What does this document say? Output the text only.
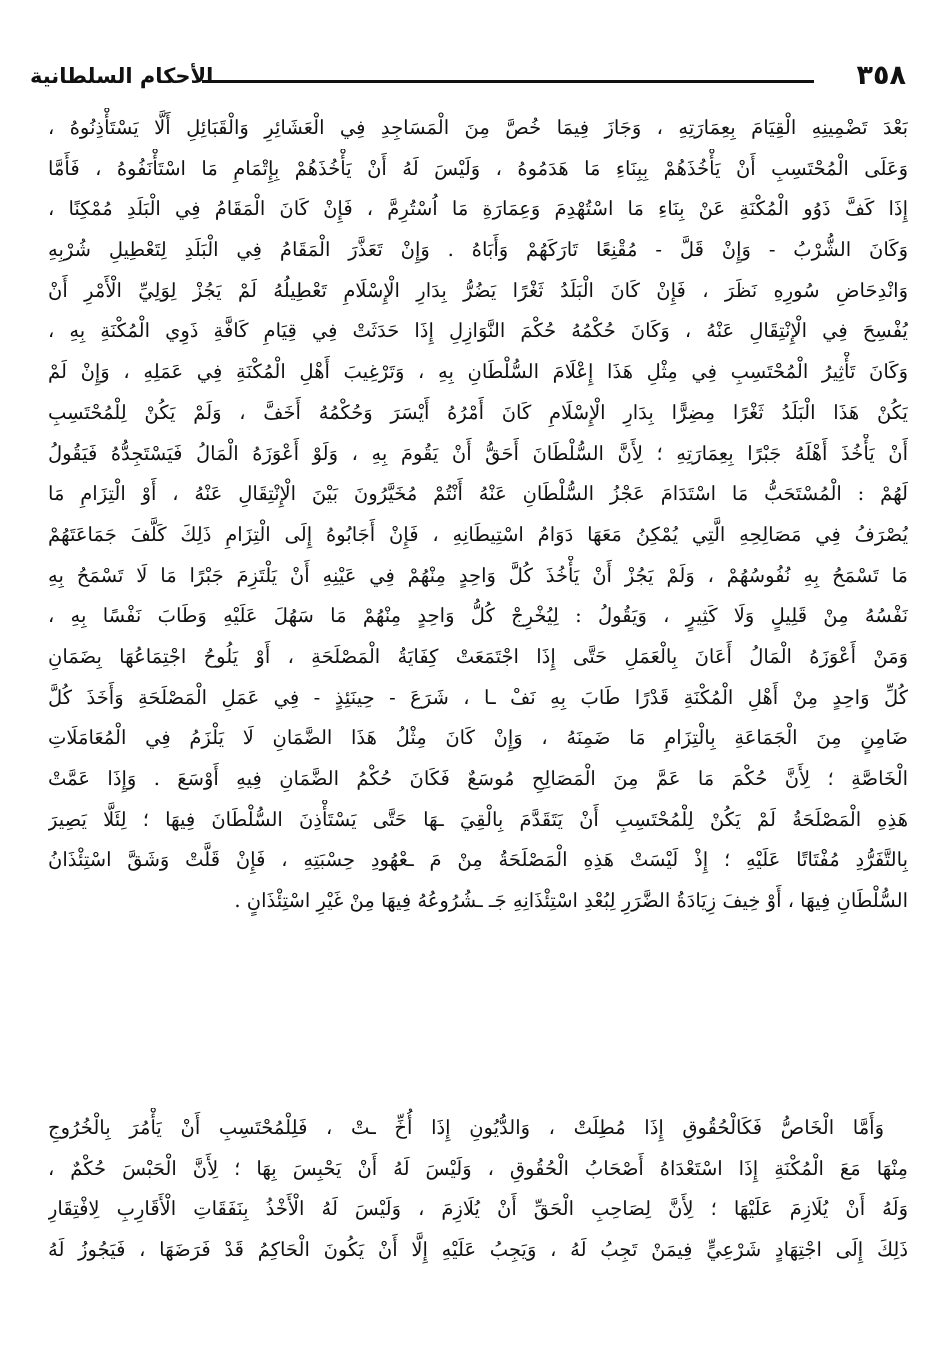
٣٥٨
الأحكام السلطانية
بَعْدَ تَضْمِينِهِ الْقِيَامَ بِعِمَارَتِهِ ، وَجَازَ فِيمَا خُصَّ مِنَ الْمَسَاجِدِ فِي الْعَشَائِرِ وَالْقَبَائِلِ أَلَّا يَسْتَأْذِنُوهُ ،
وَعَلَى الْمُحْتَسِبِ أَنْ يَأْخُذَهُمْ بِبِنَاءِ مَا هَدَمُوهُ ، وَلَيْسَ لَهُ أَنْ يَأْخُذَهُمْ بِإِتْمَامِ مَا اسْتَأْنَفُوهُ ، فَأَمَّا
إِذَا كَفَّ ذَوُو الْمُكْنَةِ عَنْ بِنَاءِ مَا اسْتُهْدِمَ وَعِمَارَةِ مَا اُسْتُرِمَّ ، فَإِنْ كَانَ الْمَقَامُ فِي الْبَلَدِ مُمْكِنًا ،
وَكَانَ الشُّرْبُ - وَإِنْ قَلَّ - مُقْنِعًا تَارَكَهُمْ وَأَبَاهُ . وَإِنْ تَعَذَّرَ الْمَقَامُ فِي الْبَلَدِ لِتَعْطِيلِ شُرْبِهِ
وَانْدِحَاضِ سُورِهِ نَظَرَ ، فَإِنْ كَانَ الْبَلَدُ ثَغْرًا يَضُرُّ بِدَارِ الْإِسْلَامِ تَعْطِيلُهُ لَمْ يَجُزْ لِوَلِيِّ الْأَمْرِ أَنْ
يُفْسِحَ فِي الْإِنْتِقَالِ عَنْهُ ، وَكَانَ حُكْمُهُ حُكْمَ النَّوَازِلِ إِذَا حَدَثَتْ فِي قِيَامِ كَافَّةِ ذَوِي الْمُكْنَةِ بِهِ ،
وَكَانَ تَأْثِيرُ الْمُحْتَسِبِ فِي مِثْلِ هَذَا إِعْلَامَ السُّلْطَانِ بِهِ ، وَتَرْغِيبَ أَهْلِ الْمُكْنَةِ فِي عَمَلِهِ ، وَإِنْ لَمْ
يَكُنْ هَذَا الْبَلَدُ ثَغْرًا مِضِرًّا بِدَارِ الْإِسْلَامِ كَانَ أَمْرُهُ أَيْسَرَ وَحُكْمُهُ أَخَفَّ ، وَلَمْ يَكُنْ لِلْمُحْتَسِبِ
أَنْ يَأْخُذَ أَهْلَهُ جَبْرًا بِعِمَارَتِهِ ؛ لِأَنَّ السُّلْطَانَ أَحَقُّ أَنْ يَقُومَ بِهِ ، وَلَوْ أَعْوَزَهُ الْمَالُ فَيَسْتَجِدُّهُ فَيَقُولُ
لَهُمْ : الْمُسْتَحَبُّ مَا اسْتَدَامَ عَجْزُ السُّلْطَانِ عَنْهُ أَنْتُمْ مُخَيَّرُونَ بَيْنَ الْإِنْتِقَالِ عَنْهُ ، أَوْ الْتِزَامِ مَا
يُصْرَفُ فِي مَصَالِحِهِ الَّتِي يُمْكِنُ مَعَهَا دَوَامُ اسْتِيطَانِهِ ، فَإِنْ أَجَابُوهُ إِلَى الْتِزَامِ ذَلِكَ كَلَّفَ جَمَاعَتَهُمْ
مَا تَسْمَحُ بِهِ نُفُوسُهُمْ ، وَلَمْ يَجُزْ أَنْ يَأْخُذَ كُلَّ وَاحِدٍ مِنْهُمْ فِي عَيْنِهِ أَنْ يَلْتَزِمَ جَبْرًا مَا لَا تَسْمَحُ بِهِ
نَفْسُهُ مِنْ قَلِيلٍ وَلَا كَثِيرٍ ، وَيَقُولُ : لِيُخْرِجْ كُلُّ وَاحِدٍ مِنْهُمْ مَا سَهُلَ عَلَيْهِ وَطَابَ نَفْسًا بِهِ ،
وَمَنْ أَعْوَزَهُ الْمَالُ أَعَانَ بِالْعَمَلِ حَتَّى إِذَا اجْتَمَعَتْ كِفَايَةُ الْمَصْلَحَةِ ، أَوْ يَلُوحُ اجْتِمَاعُهَا بِضَمَانِ
كُلِّ وَاحِدٍ مِنْ أَهْلِ الْمُكْنَةِ قَدْرًا طَابَ بِهِ نَفْ ـا ، شَرَعَ - حِينَئِذٍ - فِي عَمَلِ الْمَصْلَحَةِ وَأَخَذَ كُلَّ
ضَامِنٍ مِنَ الْجَمَاعَةِ بِالْتِزَامِ مَا ضَمِنَهُ ، وَإِنْ كَانَ مِثْلُ هَذَا الضَّمَانِ لَا يَلْزَمُ فِي الْمُعَامَلَاتِ
الْخَاصَّةِ ؛ لِأَنَّ حُكْمَ مَا عَمَّ مِنَ الْمَصَالِحِ مُوسَعٌ فَكَانَ حُكْمُ الضَّمَانِ فِيهِ أَوْسَعَ . وَإِذَا عَمَّتْ
هَذِهِ الْمَصْلَحَةُ لَمْ يَكُنْ لِلْمُحْتَسِبِ أَنْ يَتَقَدَّمَ بِالْقِيَ ـهَا حَتَّى يَسْتَأْذِنَ السُّلْطَانَ فِيهَا ؛ لِئَلَّا يَصِيرَ
بِالتَّفَرُّدِ مُفْتَاتًا عَلَيْهِ ؛ إِذْ لَيْسَتْ هَذِهِ الْمَصْلَحَةُ مِنْ مَ ـعْهُودِ حِسْبَتِهِ ، فَإِنْ قَلَّتْ وَشَقَّ اسْتِئْذَانُ
السُّلْطَانِ فِيهَا ، أَوْ خِيفَ زِيَادَةُ الضَّرَرِ لِبُعْدِ اسْتِئْذَانِهِ جَـ ـشُرُوعُهُ فِيهَا مِنْ غَيْرِ اسْتِئْذَانٍ .
وَأَمَّا الْخَاصُّ فَكَالْحُقُوقِ إِذَا مُطِلَتْ ، وَالدُّيُونِ إِذَا أُخِّ ـتْ ، فَلِلْمُحْتَسِبِ أَنْ يَأْمُرَ بِالْخُرُوجِ
مِنْهَا مَعَ الْمُكْنَةِ إِذَا اسْتَعْدَاهُ أَصْحَابُ الْحُقُوقِ ، وَلَيْسَ لَهُ أَنْ يَحْبِسَ بِهَا ؛ لِأَنَّ الْحَبْسَ حُكْمٌ ،
وَلَهُ أَنْ يُلَازِمَ عَلَيْهَا ؛ لِأَنَّ لِصَاحِبِ الْحَقِّ أَنْ يُلَازِمَ ، وَلَيْسَ لَهُ الْأَخْذُ بِنَفَقَاتِ الْأَقَارِبِ لِافْتِقَارِ
ذَلِكَ إِلَى اجْتِهَادٍ شَرْعِيٍّ فِيمَنْ تَجِبُ لَهُ ، وَيَجِبُ عَلَيْهِ إِلَّا أَنْ يَكُونَ الْحَاكِمُ قَدْ فَرَضَهَا ، فَيَجُوزُ لَهُ
